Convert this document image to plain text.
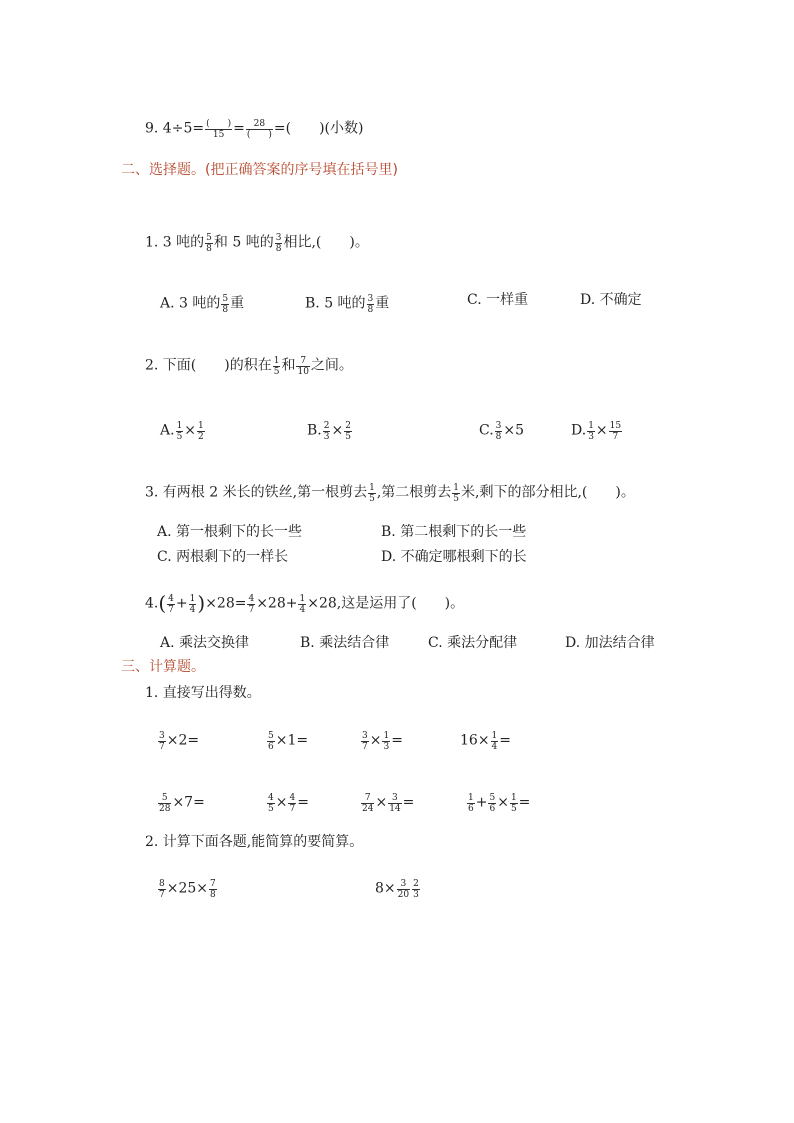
9. $4\div 5= \frac{( )}{15} = \frac{28}{( )}$ =(　　)(小数)
二、选择题。(把正确答案的序号填在括号里)
1. 3 吨的 $\frac{5}{8}$ 和 5 吨的 $\frac{3}{8}$ 相比,(　　)。
A. 3 吨的 $\frac{5}{8}$ 重	B. 5 吨的 $\frac{3}{8}$ 重	C. 一样重	D. 不确定
2. 下面(　　)的积在 $\frac{1}{5}$ 和 $\frac{7}{10}$ 之间。
A. $\frac{1}{5} \times \frac{1}{2}$	B. $\frac{2}{3} \times \frac{2}{5}$	C. $\frac{3}{8} \times 5$	D. $\frac{1}{3} \times \frac{15}{7}$
3. 有两根 2 米长的铁丝,第一根剪去 $\frac{1}{5}$ ,第二根剪去 $\frac{1}{5}$ 米,剩下的部分相比,(　　)。
A. 第一根剩下的长一些	B. 第二根剩下的长一些
C. 两根剩下的一样长	D. 不确定哪根剩下的长
$4.( \frac{4}{7} + \frac{1}{4} )\times 28= \frac{4}{7} \times 28+ \frac{1}{4} \times 28$,这是运用了(　　)。
A. 乘法交换律	B. 乘法结合律	C. 乘法分配律	D. 加法结合律
三、计算题。
1. 直接写出得数。
$\frac{3}{7} \times 2=$	$\frac{5}{6} \times 1=$	$\frac{3}{7} \times \frac{1}{3}$ =	$16\times \frac{1}{4}$ =
$\frac{5}{28} \times 7=$	$\frac{4}{5} \times \frac{4}{7}$ =	$\frac{7}{24} \times \frac{3}{14}$ =	$\frac{1}{6} + \frac{5}{6} \times \frac{1}{5}$ =
2. 计算下面各题,能简算的要简算。
$\frac{8}{7} \times 25\times \frac{7}{8}$	$8\times \frac{3}{20} \frac{2}{3}$
